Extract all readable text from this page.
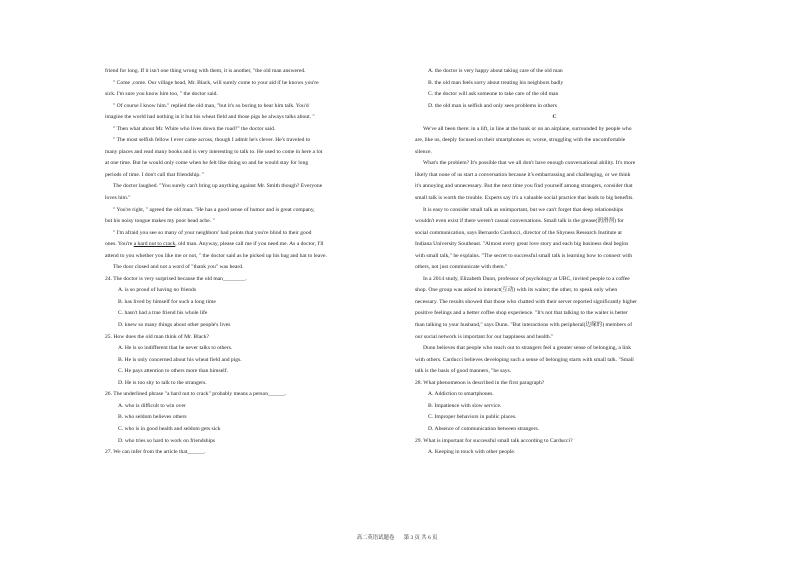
friend for long. If it isn't one thing wrong with them, it is another, "the old man answered.
" Come ,come. Our village head, Mr. Black, will surely come to your aid if he knows you're
sick. I'm sure you know him too, " the doctor said.
" Of course I know him." replied the old man, "but it's so boring to hear him talk. You'd
imagine the world had nothing in it but his wheat field and those pigs he always talks about. "
" Then what about Mr. White who lives down the road?" the doctor said.
" The most selfish fellow I ever came across, though I admit he's clever. He's traveled to
many places and read many books and is very interesting to talk to. He used to come in here a lot
at one time. But he would only come when he felt like doing so and he would stay for long
periods of time. I don't call that friendship. "
The doctor laughed. "You surely can't bring up anything against Mr. Smith though? Everyone
loves him."
" You're right, " agreed the old man. "He has a good sense of humor and is great company,
but his noisy tongue makes my poor head ache. "
" I'm afraid you see so many of your neighbors' bad points that you're blind to their good
ones. You're a hard nut to crack, old man. Anyway, please call me if you need me. As a doctor, I'll
attend to you whether you like me or not, " the doctor said as he picked up his bag and hat to leave.
The door closed and not a word of "thank you" was heard.
24. The doctor is very surprised because the old man________.
A. is so proud of having no friends
B. has lived by himself for such a long time
C. hasn't had a true friend his whole life
D. knew so many things about other people's lives
25. How does the old man think of Mr. Black?
A. He is so indifferent that he never talks to others.
B. He is only concerned about his wheat field and pigs.
C. He pays attention to others more than himself.
D. He is too shy to talk to the strangers.
26. The underlined phrase "a hard nut to crack" probably means a person______.
A. who is difficult to win over
B. who seldom believes others
C. who is in good health and seldom gets sick
D. who tries so hard to work on friendships
27. We can infer from the article that______.
A. the doctor is very happy about taking care of the old man
B. the old man feels sorry about treating his neighbors badly
C. the doctor will ask someone to take care of the old man
D. the old man is selfish and only sees problems in others
C
We've all been there: in a lift, in line at the bank or on an airplane, surrounded by people who
are, like us, deeply focused on their smartphones or, worse, struggling with the uncomfortable
silence.
What's the problem? It's possible that we all don't have enough conversational ability. It's more
likely that none of us start a conversation because it's embarrassing and challenging, or we think
it's annoying and unnecessary. But the next time you find yourself among strangers, consider that
small talk is worth the trouble. Experts say it's a valuable social practice that leads to big benefits.
It is easy to consider small talk as unimportant, but we can't forget that deep relationships
wouldn't even exist if there weren't casual conversations. Small talk is the grease(润滑剂) for
social communication, says Bernardo Carducci, director of the Shyness Research Institute at
Indiana University Southeast. "Almost every great love story and each big business deal begins
with small talk," he explains. "The secret to successful small talk is learning how to connect with
others, not just communicate with them."
In a 2014 study, Elizabeth Dunn, professor of psychology at UBC, invited people to a coffee
shop. One group was asked to interact(互动) with its waiter; the other, to speak only when
necessary. The results showed that those who chatted with their server reported significantly higher
positive feelings and a better coffee shop experience. "It's not that talking to the waiter is better
than talking to your husband," says Dunn. "But interactions with peripheral(边缘的) members of
our social network is important for our happiness and health."
Dunn believes that people who reach out to strangers feel a greater sense of belonging, a link
with others. Carducci believes developing such a sense of belonging starts with small talk. "Small
talk is the basis of good manners, "he says.
28. What phenomenon is described in the first paragraph?
A. Addiction to smartphones.
B. Impatience with slow service.
C. Improper behaviors in public places.
D. Absence of communication between strangers.
29. What is important for successful small talk according to Carducci?
A. Keeping in touch with other people.
高二英语试题卷 第 3 页 共 6 页
